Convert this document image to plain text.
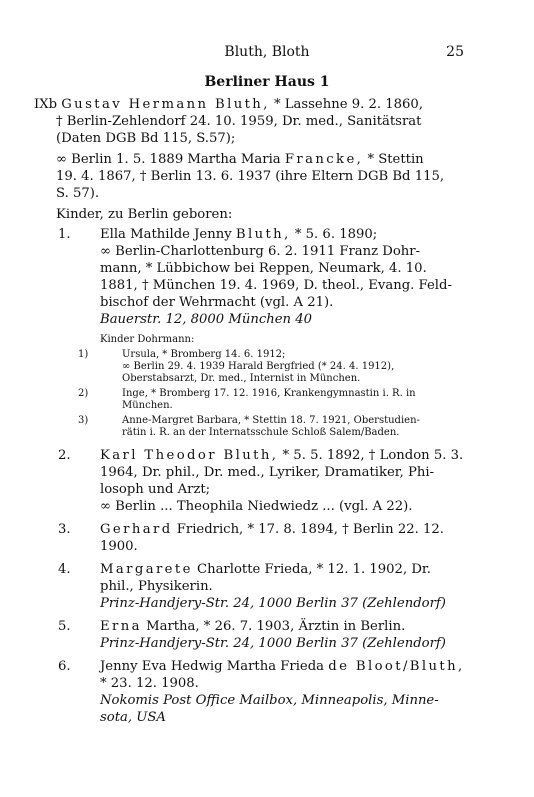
Bluth, Bloth	25
Berliner Haus 1

IXb Gustav Hermann Bluth, * Lassehne 9. 2. 1860,

† Berlin-Zehlendorf 24. 10. 1959, Dr. med., Sanitätsrat

(Daten DGB Bd 115, S.57);

∞ Berlin 1. 5. 1889 Martha Maria Francke, * Stettin

19. 4. 1867, † Berlin 13. 6. 1937 (ihre Eltern DGB Bd 115,

S. 57).

Kinder, zu Berlin geboren:

1. Ella Mathilde Jenny Bluth, * 5. 6. 1890;

∞ Berlin-Charlottenburg 6. 2. 1911 Franz Dohr-

mann, * Lübbichow bei Reppen, Neumark, 4. 10.

1881, † München 19. 4. 1969, D. theol., Evang. Feld-

bischof der Wehrmacht (vgl. A 21).

Bauerstr. 12, 8000 München 40

Kinder Dohrmann:

1)	Ursula, * Bromberg 14. 6. 1912;
∞ Berlin 29. 4. 1939 Harald Bergfried (* 24. 4. 1912),
Oberstabsarzt, Dr. med., Internist in München.
2)	Inge, * Bromberg 17. 12. 1916, Krankengymnastin i. R. in
München.
3)	Anne-Margret Barbara, * Stettin 18. 7. 1921, Oberstudien-
rätin i. R. an der Internatsschule Schloß Salem/Baden.

2. Karl Theodor Bluth, * 5. 5. 1892, † London 5. 3.

1964, Dr. phil., Dr. med., Lyriker, Dramatiker, Phi-

losoph und Arzt;

∞ Berlin ... Theophila Niedwiedz ... (vgl. A 22).

3. Gerhard Friedrich, * 17. 8. 1894, † Berlin 22. 12.

1900.

4. Margarete Charlotte Frieda, * 12. 1. 1902, Dr.

phil., Physikerin.

Prinz-Handjery-Str. 24, 1000 Berlin 37 (Zehlendorf)

5. Erna Martha, * 26. 7. 1903, Ärztin in Berlin.

Prinz-Handjery-Str. 24, 1000 Berlin 37 (Zehlendorf)

6. Jenny Eva Hedwig Martha Frieda de Bloot/Bluth,

* 23. 12. 1908.

Nokomis Post Office Mailbox, Minneapolis, Minne-

sota, USA
